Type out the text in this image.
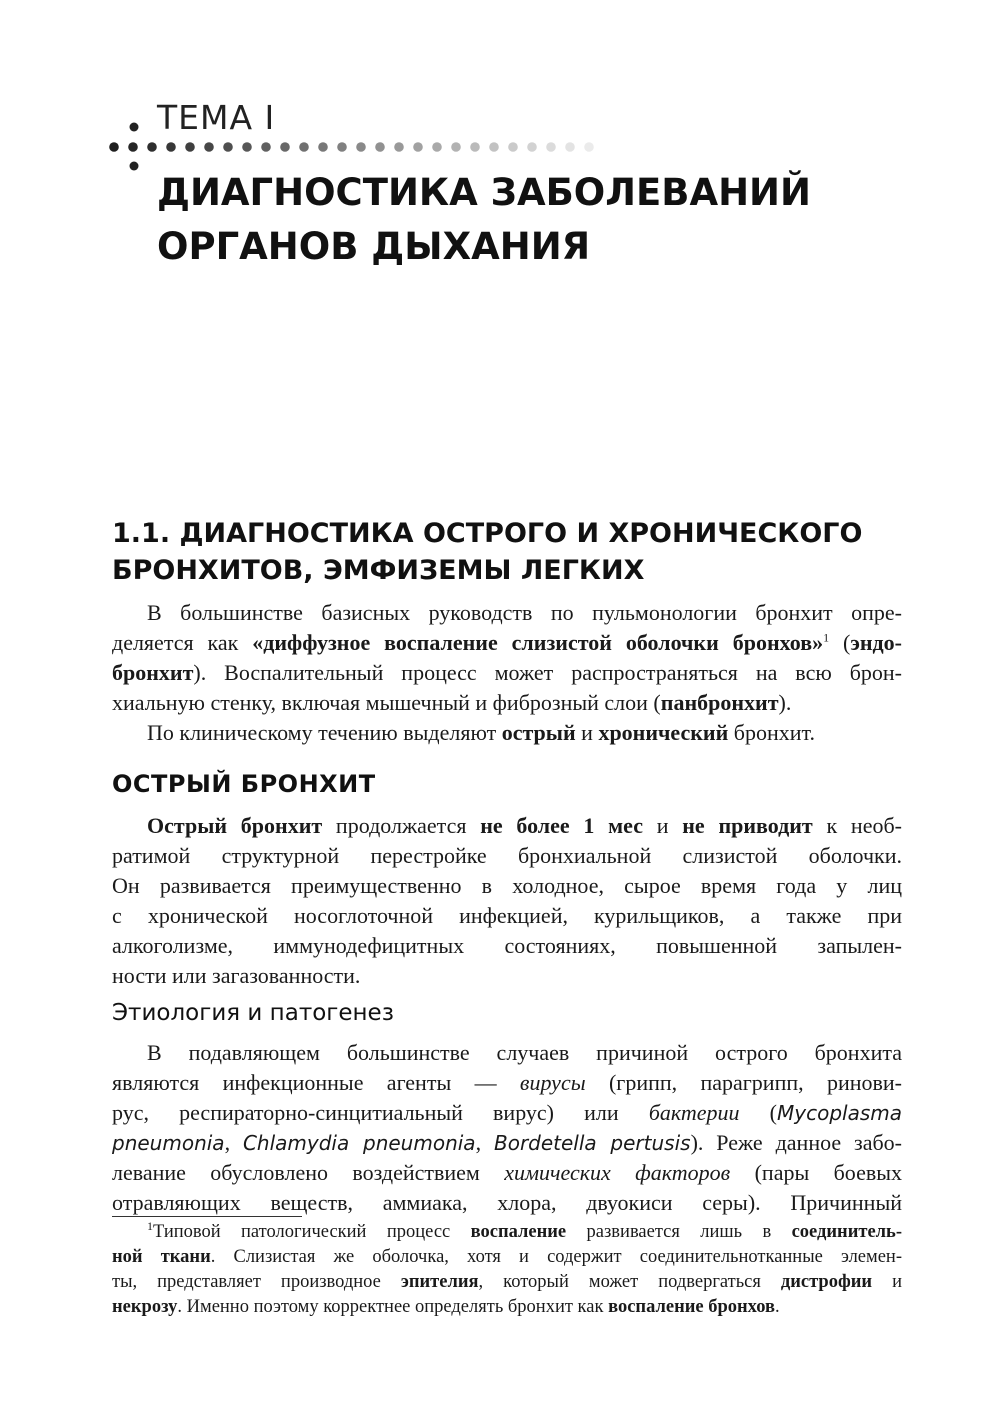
ТЕМА I
ДИАГНОСТИКА ЗАБОЛЕВАНИЙ
ОРГАНОВ ДЫХАНИЯ
1.1. ДИАГНОСТИКА ОСТРОГО И ХРОНИЧЕСКОГО
БРОНХИТОВ, ЭМФИЗЕМЫ ЛЕГКИХ
В большинстве базисных руководств по пульмонологии бронхит опре-
деляется как «диффузное воспаление слизистой оболочки бронхов»$^1$ (эндо-
бронхит). Воспалительный процесс может распространяться на всю брон-
хиальную стенку, включая мышечный и фиброзный слои (панбронхит).
По клиническому течению выделяют острый и хронический бронхит.
ОСТРЫЙ БРОНХИТ
Острый бронхит продолжается не более 1 мес и не приводит к необ-
ратимой структурной перестройке бронхиальной слизистой оболочки.
Он развивается преимущественно в холодное, сырое время года у лиц
с хронической носоглоточной инфекцией, курильщиков, а также при
алкоголизме, иммунодефицитных состояниях, повышенной запылен-
ности или загазованности.
Этиология и патогенез
В подавляющем большинстве случаев причиной острого бронхита
являются инфекционные агенты — вирусы (грипп, парагрипп, ринови-
рус, респираторно-синцитиальный вирус) или бактерии (Mycoplasma
pneumonia, Chlamydia pneumonia, Bordetella pertusis). Реже данное забо-
левание обусловлено воздействием химических факторов (пары боевых
отравляющих веществ, аммиака, хлора, двуокиси серы). Причинный
$^1$Типовой патологический процесс воспаление развивается лишь в соединитель-
ной ткани. Слизистая же оболочка, хотя и содержит соединительнотканные элемен-
ты, представляет производное эпителия, который может подвергаться дистрофии и
некрозу. Именно поэтому корректнее определять бронхит как воспаление бронхов.
